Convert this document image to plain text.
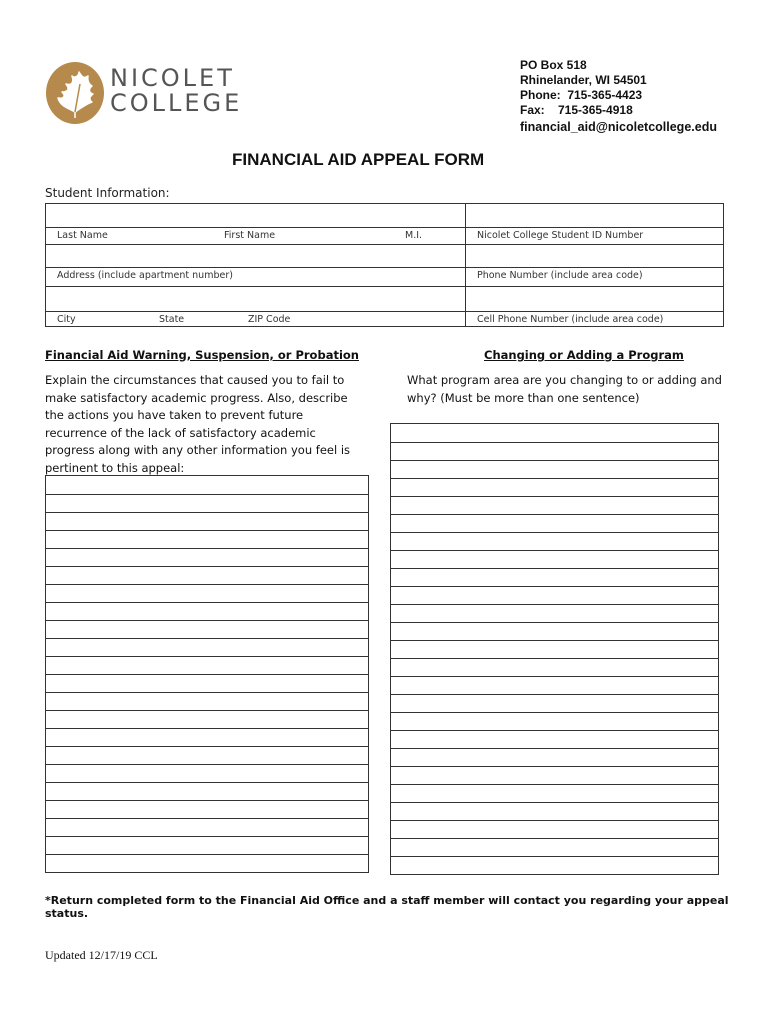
NICOLET
COLLEGE
PO Box 518
Rhinelander, WI 54501
Phone:  715-365-4423
Fax:    715-365-4918
financial_aid@nicoletcollege.edu
FINANCIAL AID APPEAL FORM
Student Information:
Last Name	First Name	M.I.	Nicolet College Student ID Number
Address (include apartment number)	Phone Number (include area code)
City	State	ZIP Code	Cell Phone Number (include area code)
Financial Aid Warning, Suspension, or Probation
Explain the circumstances that caused you to fail to
make satisfactory academic progress. Also, describe
the actions you have taken to prevent future
recurrence of the lack of satisfactory academic
progress along with any other information you feel is
pertinent to this appeal:
Changing or Adding a Program
What program area are you changing to or adding and
why? (Must be more than one sentence)
*Return completed form to the Financial Aid Office and a staff member will contact you regarding your appeal status.
Updated 12/17/19 CCL
